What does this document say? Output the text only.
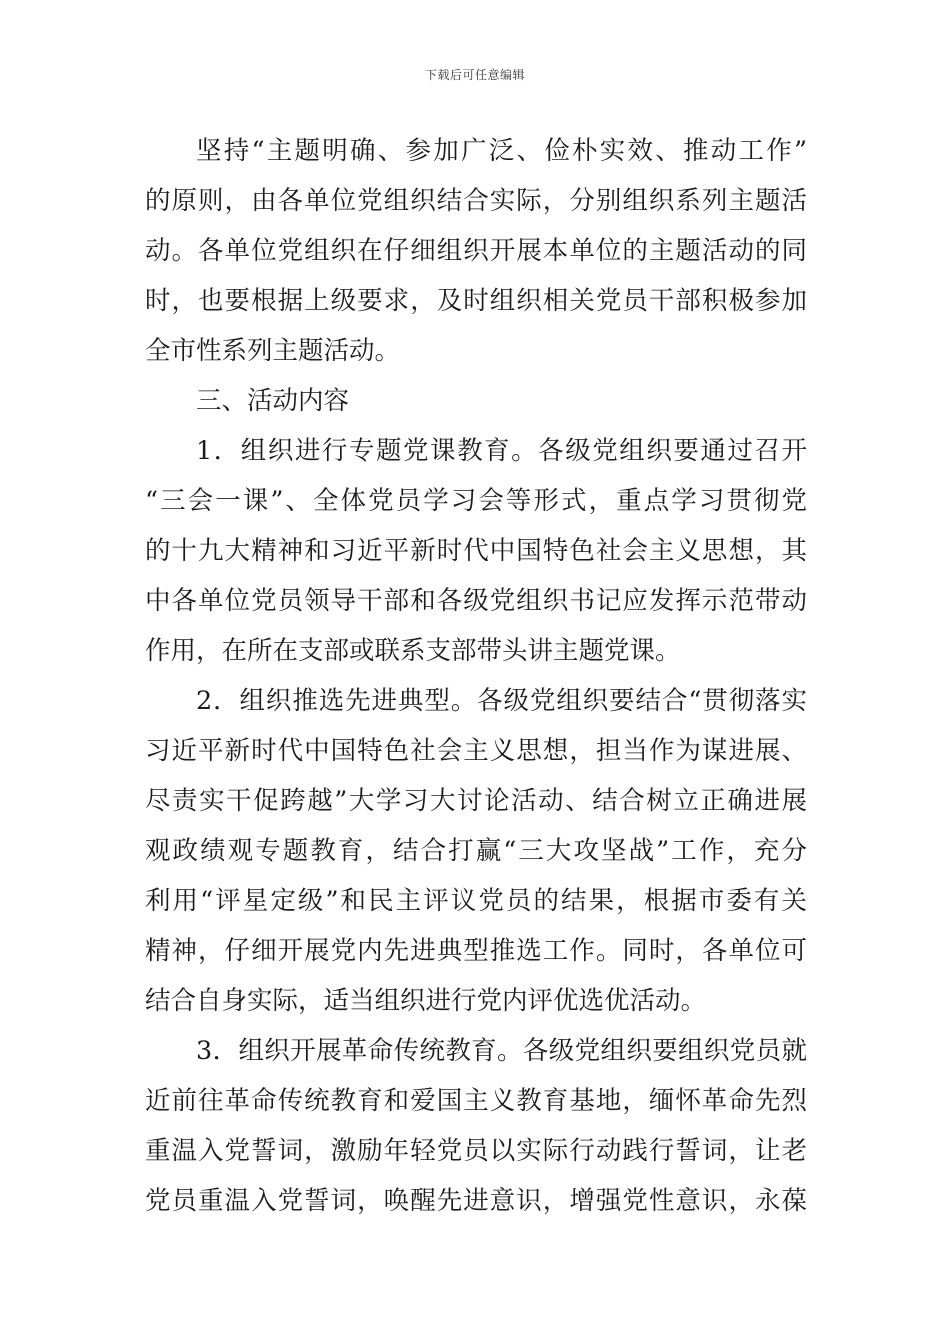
下载后可任意编辑
坚持“主题明确、参加广泛、俭朴实效、推动工作”
的原则，由各单位党组织结合实际，分别组织系列主题活
动。各单位党组织在仔细组织开展本单位的主题活动的同
时，也要根据上级要求，及时组织相关党员干部积极参加
全市性系列主题活动。
三、活动内容
1．组织进行专题党课教育。各级党组织要通过召开
“三会一课”、全体党员学习会等形式，重点学习贯彻党
的十九大精神和习近平新时代中国特色社会主义思想，其
中各单位党员领导干部和各级党组织书记应发挥示范带动
作用，在所在支部或联系支部带头讲主题党课。
2．组织推选先进典型。各级党组织要结合“贯彻落实
习近平新时代中国特色社会主义思想，担当作为谋进展、
尽责实干促跨越”大学习大讨论活动、结合树立正确进展
观政绩观专题教育，结合打赢“三大攻坚战”工作，充分
利用“评星定级”和民主评议党员的结果，根据市委有关
精神，仔细开展党内先进典型推选工作。同时，各单位可
结合自身实际，适当组织进行党内评优选优活动。
3．组织开展革命传统教育。各级党组织要组织党员就
近前往革命传统教育和爱国主义教育基地，缅怀革命先烈
重温入党誓词，激励年轻党员以实际行动践行誓词，让老
党员重温入党誓词，唤醒先进意识，增强党性意识，永葆
